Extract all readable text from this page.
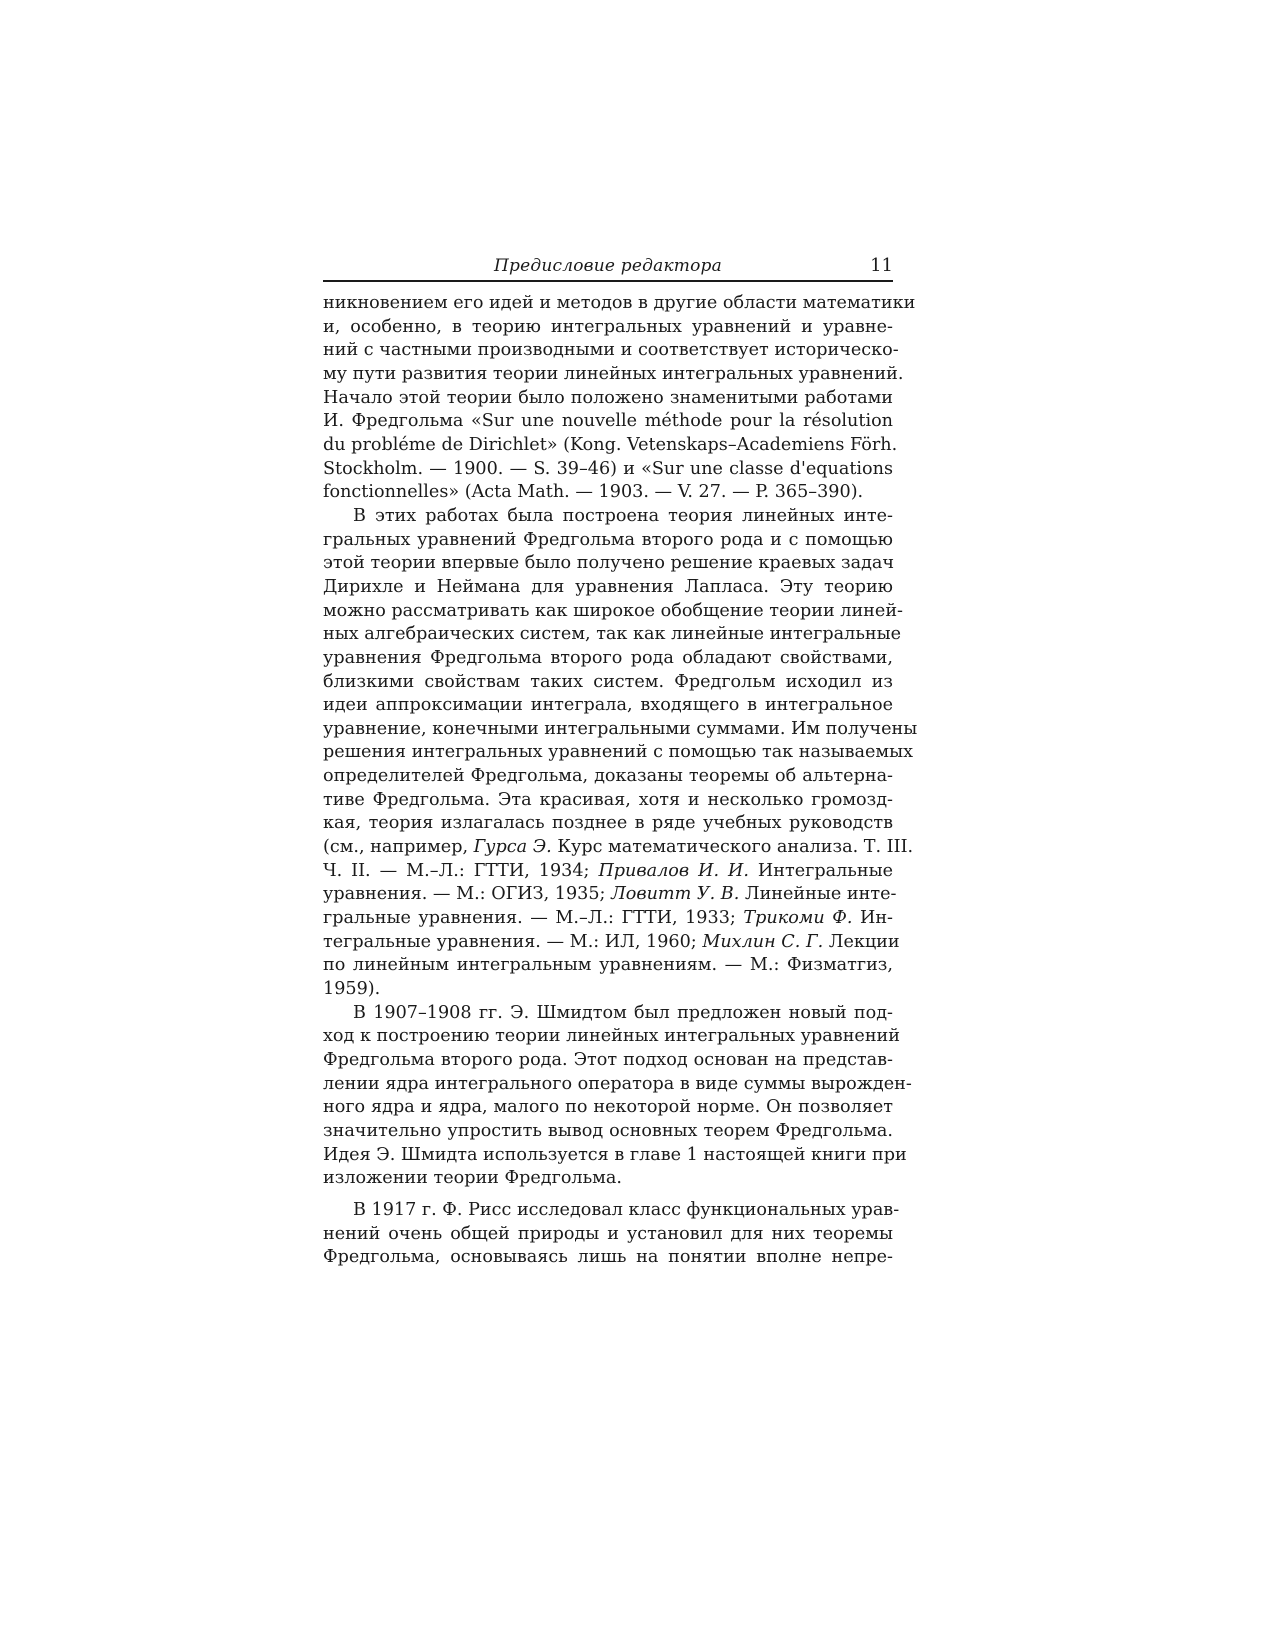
Предисловие редактора	11
никновением его идей и методов в другие области математики
и, особенно, в теорию интегральных уравнений и уравне-
ний с частными производными и соответствует историческо-
му пути развития теории линейных интегральных уравнений.
Начало этой теории было положено знаменитыми работами
И. Фредгольма «Sur une nouvelle méthode pour la résolution
du probléme de Dirichlet» (Kong. Vetenskaps–Academiens Förh.
Stockholm. — 1900. — S. 39–46) и «Sur une classe d'equations
fonctionnelles» (Acta Math. — 1903. — V. 27. — P. 365–390).
В этих работах была построена теория линейных инте-
гральных уравнений Фредгольма второго рода и с помощью
этой теории впервые было получено решение краевых задач
Дирихле и Неймана для уравнения Лапласа. Эту теорию
можно рассматривать как широкое обобщение теории линей-
ных алгебраических систем, так как линейные интегральные
уравнения Фредгольма второго рода обладают свойствами,
близкими свойствам таких систем. Фредгольм исходил из
идеи аппроксимации интеграла, входящего в интегральное
уравнение, конечными интегральными суммами. Им получены
решения интегральных уравнений с помощью так называемых
определителей Фредгольма, доказаны теоремы об альтерна-
тиве Фредгольма. Эта красивая, хотя и несколько громозд-
кая, теория излагалась позднее в ряде учебных руководств
(см., например, Гурса Э. Курс математического анализа. Т. III.
Ч. II. — М.–Л.: ГТТИ, 1934; Привалов И. И. Интегральные
уравнения. — М.: ОГИЗ, 1935; Ловитт У. В. Линейные инте-
гральные уравнения. — М.–Л.: ГТТИ, 1933; Трикоми Ф. Ин-
тегральные уравнения. — М.: ИЛ, 1960; Михлин С. Г. Лекции
по линейным интегральным уравнениям. — М.: Физматгиз,
1959).
В 1907–1908 гг. Э. Шмидтом был предложен новый под-
ход к построению теории линейных интегральных уравнений
Фредгольма второго рода. Этот подход основан на представ-
лении ядра интегрального оператора в виде суммы вырожден-
ного ядра и ядра, малого по некоторой норме. Он позволяет
значительно упростить вывод основных теорем Фредгольма.
Идея Э. Шмидта используется в главе 1 настоящей книги при
изложении теории Фредгольма.
В 1917 г. Ф. Рисс исследовал класс функциональных урав-
нений очень общей природы и установил для них теоремы
Фредгольма, основываясь лишь на понятии вполне непре-
